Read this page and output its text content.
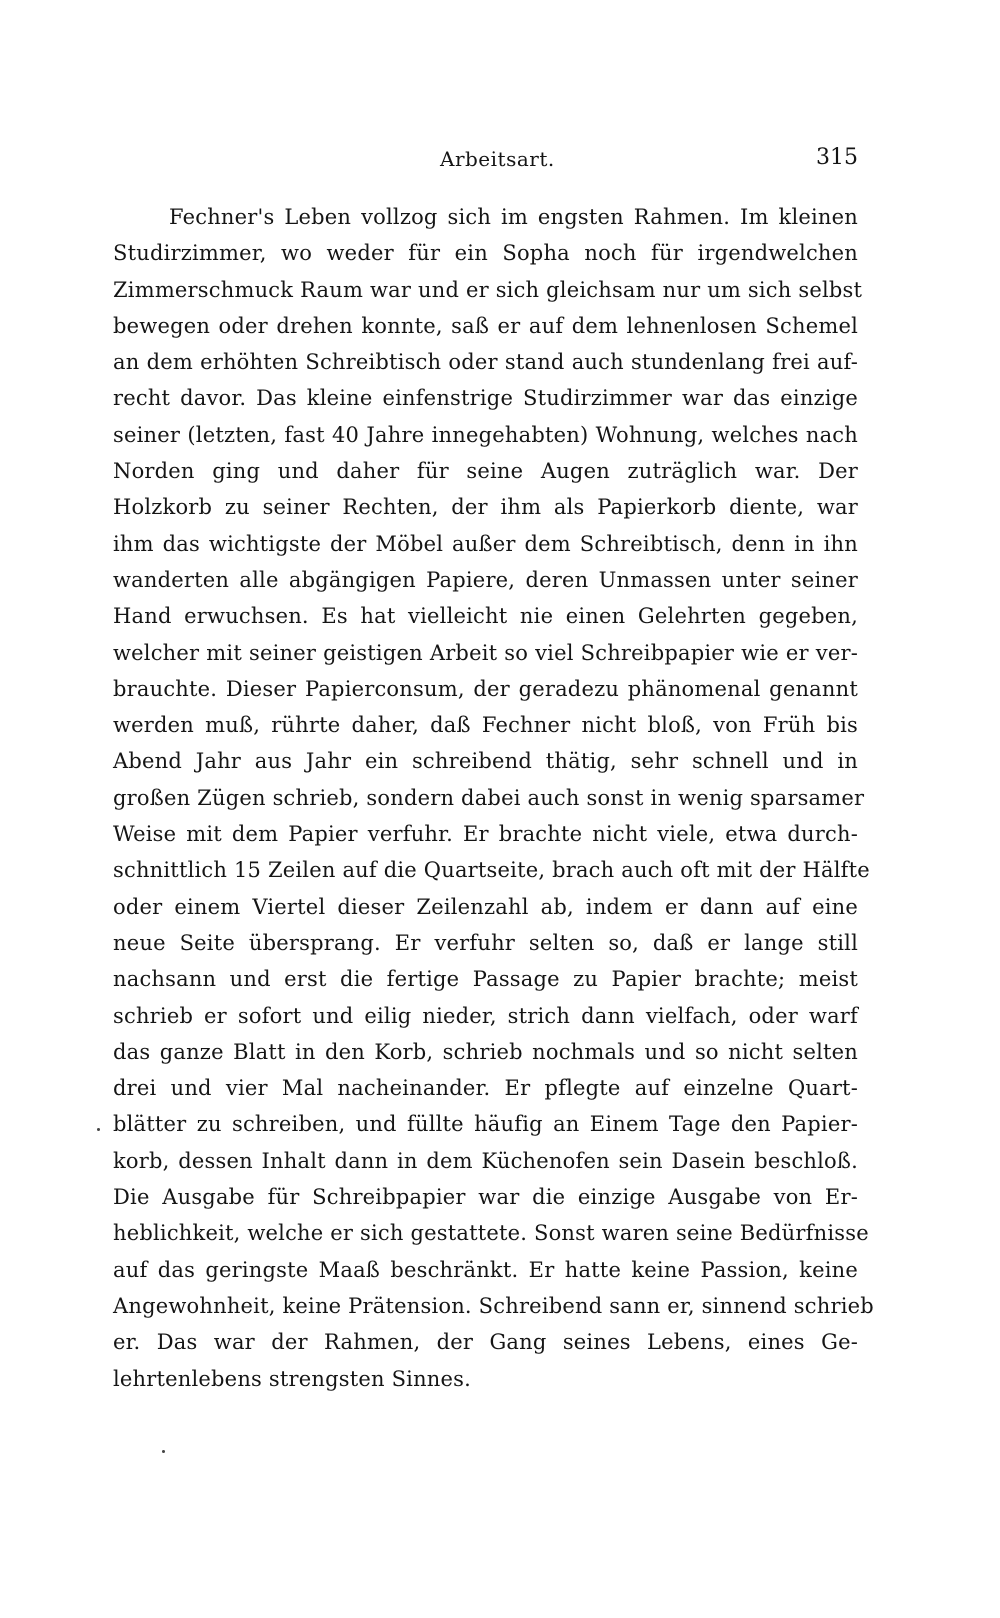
Arbeitsart.	315
Fechner's Leben vollzog sich im engsten Rahmen. Im kleinen
Studirzimmer, wo weder für ein Sopha noch für irgendwelchen
Zimmerschmuck Raum war und er sich gleichsam nur um sich selbst
bewegen oder drehen konnte, saß er auf dem lehnenlosen Schemel
an dem erhöhten Schreibtisch oder stand auch stundenlang frei auf-
recht davor. Das kleine einfenstrige Studirzimmer war das einzige
seiner (letzten, fast 40 Jahre innegehabten) Wohnung, welches nach
Norden ging und daher für seine Augen zuträglich war. Der
Holzkorb zu seiner Rechten, der ihm als Papierkorb diente, war
ihm das wichtigste der Möbel außer dem Schreibtisch, denn in ihn
wanderten alle abgängigen Papiere, deren Unmassen unter seiner
Hand erwuchsen. Es hat vielleicht nie einen Gelehrten gegeben,
welcher mit seiner geistigen Arbeit so viel Schreibpapier wie er ver-
brauchte. Dieser Papierconsum, der geradezu phänomenal genannt
werden muß, rührte daher, daß Fechner nicht bloß, von Früh bis
Abend Jahr aus Jahr ein schreibend thätig, sehr schnell und in
großen Zügen schrieb, sondern dabei auch sonst in wenig sparsamer
Weise mit dem Papier verfuhr. Er brachte nicht viele, etwa durch-
schnittlich 15 Zeilen auf die Quartseite, brach auch oft mit der Hälfte
oder einem Viertel dieser Zeilenzahl ab, indem er dann auf eine
neue Seite übersprang. Er verfuhr selten so, daß er lange still
nachsann und erst die fertige Passage zu Papier brachte; meist
schrieb er sofort und eilig nieder, strich dann vielfach, oder warf
das ganze Blatt in den Korb, schrieb nochmals und so nicht selten
drei und vier Mal nacheinander. Er pflegte auf einzelne Quart-
blätter zu schreiben, und füllte häufig an Einem Tage den Papier-
korb, dessen Inhalt dann in dem Küchenofen sein Dasein beschloß.
Die Ausgabe für Schreibpapier war die einzige Ausgabe von Er-
heblichkeit, welche er sich gestattete. Sonst waren seine Bedürfnisse
auf das geringste Maaß beschränkt. Er hatte keine Passion, keine
Angewohnheit, keine Prätension. Schreibend sann er, sinnend schrieb
er. Das war der Rahmen, der Gang seines Lebens, eines Ge-
lehrtenlebens strengsten Sinnes.
